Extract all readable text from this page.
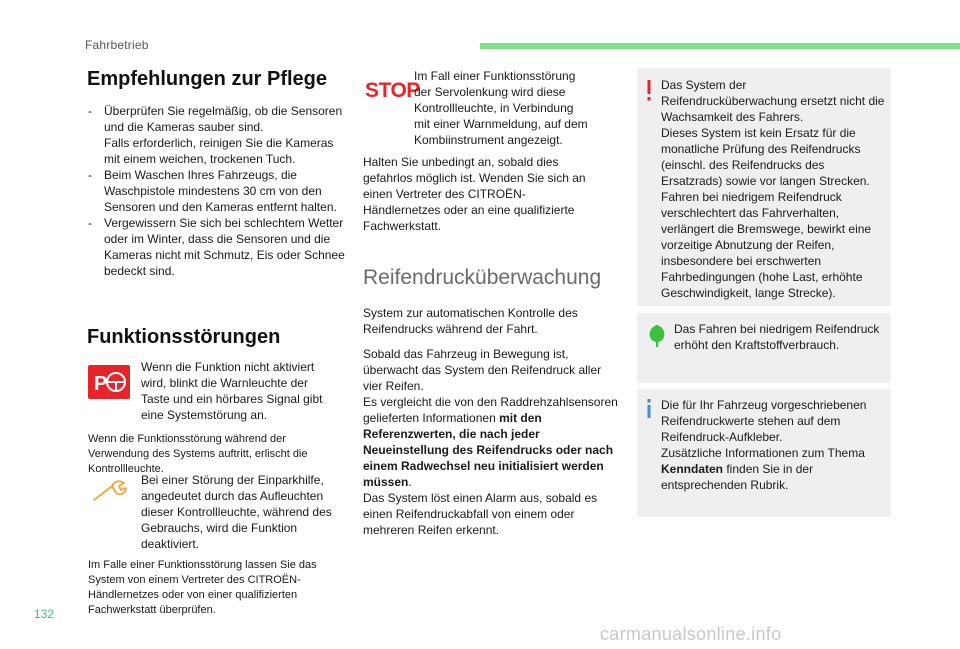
Fahrbetrieb
Empfehlungen zur Pflege
- Überprüfen Sie regelmäßig, ob die Sensoren und die Kameras sauber sind.
Falls erforderlich, reinigen Sie die Kameras mit einem weichen, trockenen Tuch.
- Beim Waschen Ihres Fahrzeugs, die Waschpistole mindestens 30 cm von den Sensoren und den Kameras entfernt halten.
- Vergewissern Sie sich bei schlechtem Wetter oder im Winter, dass die Sensoren und die Kameras nicht mit Schmutz, Eis oder Schnee bedeckt sind.
Funktionsstörungen
P

Wenn die Funktion nicht aktiviert wird, blinkt die Warnleuchte der Taste und ein hörbares Signal gibt eine Systemstörung an.

Wenn die Funktionsstörung während der Verwendung des Systems auftritt, erlischt die Kontrollleuchte.

Bei einer Störung der Einparkhilfe, angedeutet durch das Aufleuchten dieser Kontrollleuchte, während des Gebrauchs, wird die Funktion deaktiviert.

Im Falle einer Funktionsstörung lassen Sie das System von einem Vertreter des CITROËN-Händlernetzes oder von einer qualifizierten Fachwerkstatt überprüfen.

STOP

Im Fall einer Funktionsstörung der Servolenkung wird diese Kontrollleuchte, in Verbindung mit einer Warnmeldung, auf dem Kombiinstrument angezeigt.

Halten Sie unbedingt an, sobald dies gefahrlos möglich ist. Wenden Sie sich an einen Vertreter des CITROËN-Händlernetzes oder an eine qualifizierte Fachwerkstatt.

Reifendrucküberwachung

System zur automatischen Kontrolle des Reifendrucks während der Fahrt.

Sobald das Fahrzeug in Bewegung ist, überwacht das System den Reifendruck aller vier Reifen.

Es vergleicht die von den Raddrehzahlsensoren gelieferten Informationen mit den Referenzwerten, die nach jeder Neueinstellung des Reifendrucks oder nach einem Radwechsel neu initialisiert werden müssen.

Das System löst einen Alarm aus, sobald es einen Reifendruckabfall von einem oder mehreren Reifen erkennt.

Das System der Reifendrucküberwachung ersetzt nicht die Wachsamkeit des Fahrers.
Dieses System ist kein Ersatz für die monatliche Prüfung des Reifendrucks (einschl. des Reifendrucks des Ersatzrads) sowie vor langen Strecken.
Fahren bei niedrigem Reifendruck verschlechtert das Fahrverhalten, verlängert die Bremswege, bewirkt eine vorzeitige Abnutzung der Reifen, insbesondere bei erschwerten Fahrbedingungen (hohe Last, erhöhte Geschwindigkeit, lange Strecke).

Das Fahren bei niedrigem Reifendruck erhöht den Kraftstoffverbrauch.

Die für Ihr Fahrzeug vorgeschriebenen Reifendruckwerte stehen auf dem Reifendruck-Aufkleber.
Zusätzliche Informationen zum Thema Kenndaten finden Sie in der entsprechenden Rubrik.

132
carmanualsonline.info
